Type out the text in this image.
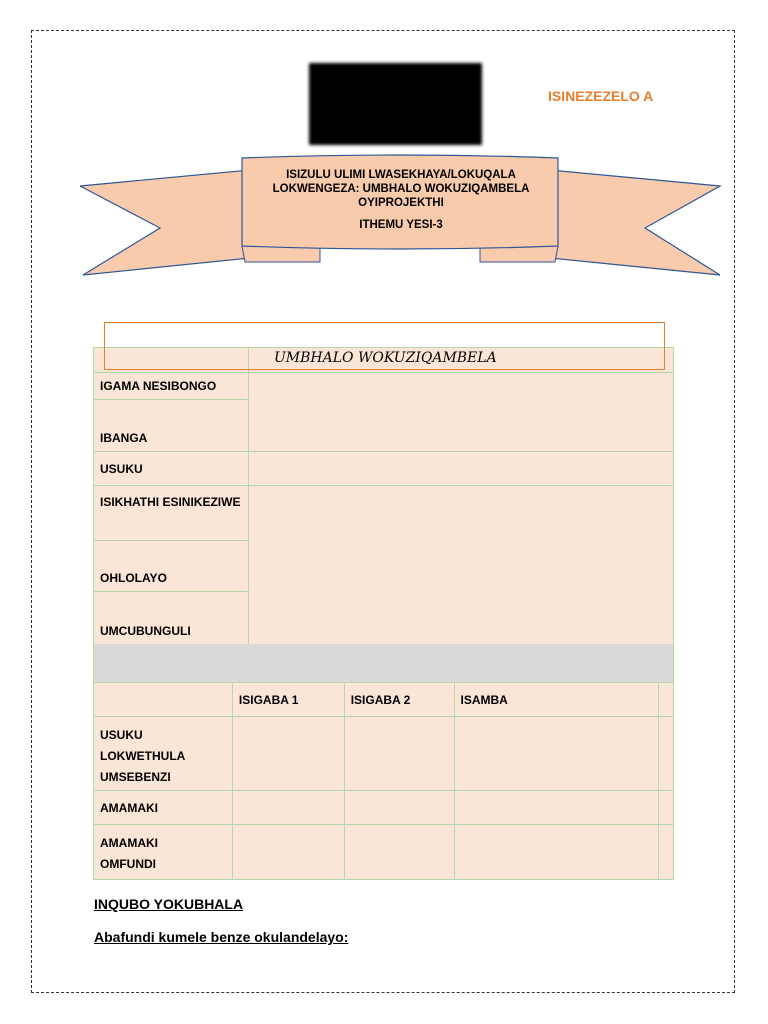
ISINEZEZELO A
ISIZULU ULIMI LWASEKHAYA/LOKUQALA
LOKWENGEZA: UMBHALO WOKUZIQAMBELA
OYIPROJEKTHI
ITHEMU YESI-3

IGAMA NESIBONGO	
IBANGA	
USUKU	
ISIKHATHI ESINIKEZIWE	
OHLOLAYO	
UMCUBUNGULI	
UMBHALO WOKUZIQAMBELA
	ISIGABA 1	ISIGABA 2	ISAMBA	
USUKU LOKWETHULA UMSEBENZI				
AMAMAKI				
AMAMAKI OMFUNDI				
INQUBO YOKUBHALA
Abafundi kumele benze okulandelayo:
